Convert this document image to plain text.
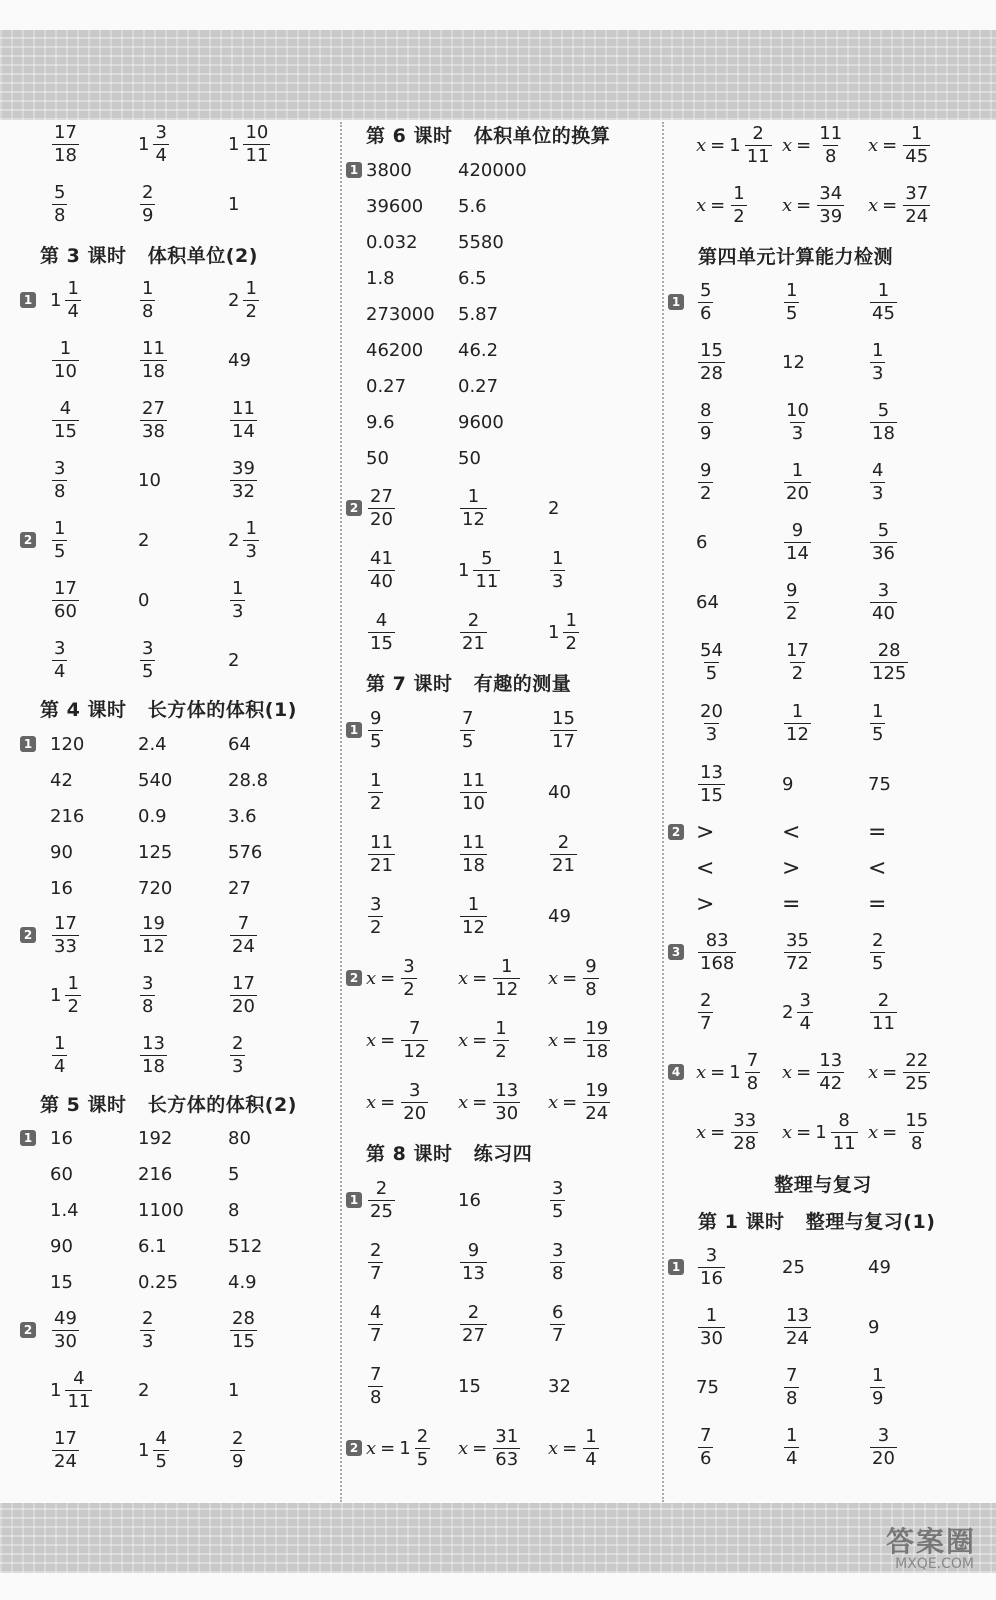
$\frac{17}{18}$	$1 \frac{3}{4}$	$1 \frac{10}{11}$
$\frac{5}{8}$	$\frac{2}{9}$	1
第 3 课时   体积单位(2)
1 $1 \frac{1}{4}$	$\frac{1}{8}$	$2 \frac{1}{2}$
$\frac{1}{10}$	$\frac{11}{18}$	49
$\frac{4}{15}$	$\frac{27}{38}$	$\frac{11}{14}$
$\frac{3}{8}$	10	$\frac{39}{32}$
$2 \frac{1}{5}$	2	$2 \frac{1}{3}$
$\frac{17}{60}$	0	$\frac{1}{3}$
$\frac{3}{4}$	$\frac{3}{5}$	2
第 4 课时   长方体的体积(1)
1 120	2.4	64
42	540	28.8
216	0.9	3.6
90	125	576
16	720	27
$2 \frac{17}{33}$	$\frac{19}{12}$	$\frac{7}{24}$
$1 \frac{1}{2}$	$\frac{3}{8}$	$\frac{17}{20}$
$\frac{1}{4}$	$\frac{13}{18}$	$\frac{2}{3}$
第 5 课时   长方体的体积(2)
1 16	192	80
60	216	5
1.4	1100 8
90	6.1	512
15	0.25	4.9
$2 \frac{49}{30}$	$\frac{2}{3}$	$\frac{28}{15}$
$1 \frac{4}{11}$	2	1
$\frac{17}{24}$	$1 \frac{4}{5}$	$\frac{2}{9}$
第 6 课时   体积单位的换算
1 3800	420000
39600 5.6
0.032 5580
1.8	6.5
273000 5.87
46200 46.2
0.27	0.27
9.6	9600
50	50
$2 \frac{27}{20}$	$\frac{1}{12}$	2
$\frac{41}{40}$	$1 \frac{5}{11}$	$\frac{1}{3}$
$\frac{4}{15}$	$\frac{2}{21}$	$1 \frac{1}{2}$
第 7 课时   有趣的测量
$1 \frac{9}{5}$	$\frac{7}{5}$	$\frac{15}{17}$
$\frac{1}{2}$	$\frac{11}{10}$	40
$\frac{11}{21}$	$\frac{11}{18}$	$\frac{2}{21}$
$\frac{3}{2}$	$\frac{1}{12}$	49
2 $x = \frac{3}{2}$ $x = \frac{1}{12}$ $x = \frac{9}{8}$
$x = \frac{7}{12}$ $x = \frac{1}{2}$ $x = \frac{19}{18}$
$x = \frac{3}{20}$ $x = \frac{13}{30}$ $x = \frac{19}{24}$
第 8 课时   练习四
$1 \frac{2}{25}$	16	$\frac{3}{5}$
$\frac{2}{7}$	$\frac{9}{13}$	$\frac{3}{8}$
$\frac{4}{7}$	$\frac{2}{27}$	$\frac{6}{7}$
$\frac{7}{8}$	15	32
2 $x = 1 \frac{2}{5}$ $x = \frac{31}{63}$ $x = \frac{1}{4}$
$x = 1 \frac{2}{11}$ $x = \frac{11}{8}$ $x = \frac{1}{45}$
$x = \frac{1}{2}$ $x = \frac{34}{39}$ $x = \frac{37}{24}$
第四单元计算能力检测
$1 \frac{5}{6}$	$\frac{1}{5}$	$\frac{1}{45}$
$\frac{15}{28}$	12	$\frac{1}{3}$
$\frac{8}{9}$	$\frac{10}{3}$	$\frac{5}{18}$
$\frac{9}{2}$	$\frac{1}{20}$	$\frac{4}{3}$
6	$\frac{9}{14}$	$\frac{5}{36}$
64	$\frac{9}{2}$	$\frac{3}{40}$
$\frac{54}{5}$	$\frac{17}{2}$	$\frac{28}{125}$
$\frac{20}{3}$	$\frac{1}{12}$	$\frac{1}{5}$
$\frac{13}{15}$	9	75
2 >	<	=
<	>	<
>	=	=
$3 \frac{83}{168}$	$\frac{35}{72}$	$\frac{2}{5}$
$\frac{2}{7}$	$2 \frac{3}{4}$	$\frac{2}{11}$
4 $x = 1 \frac{7}{8}$ $x = \frac{13}{42}$ $x = \frac{22}{25}$
$x = \frac{33}{28}$ $x = 1 \frac{8}{11}$ $x = \frac{15}{8}$
整理与复习
第 1 课时   整理与复习(1)
$1 \frac{3}{16}$	25	49
$\frac{1}{30}$	$\frac{13}{24}$	9
75	$\frac{7}{8}$	$\frac{1}{9}$
$\frac{7}{6}$	$\frac{1}{4}$	$\frac{3}{20}$
答案圈
MXQE.COM
